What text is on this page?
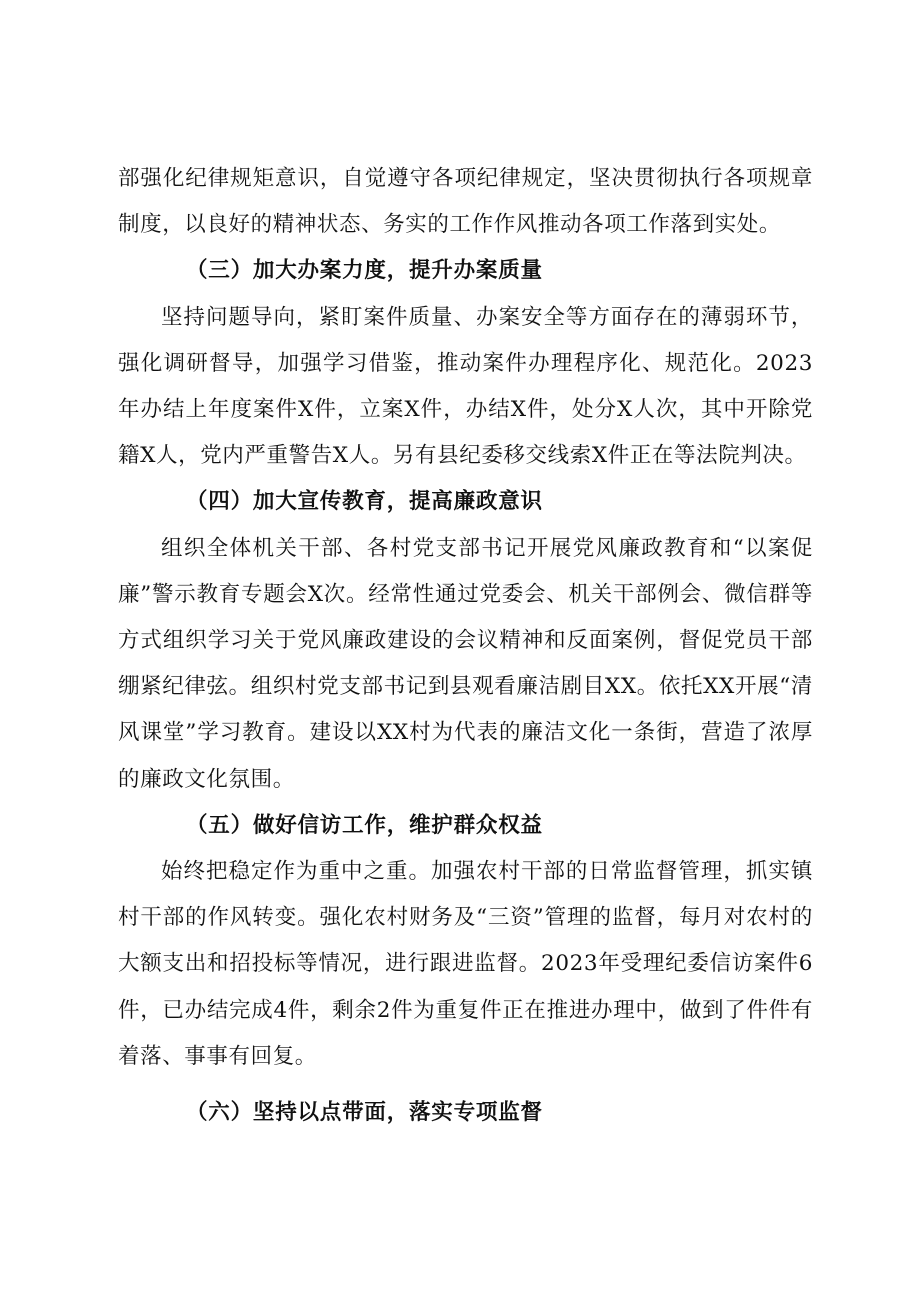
部强化纪律规矩意识，自觉遵守各项纪律规定，坚决贯彻执行各项规章制度，以良好的精神状态、务实的工作作风推动各项工作落到实处。

（三）加大办案力度，提升办案质量

坚持问题导向，紧盯案件质量、办案安全等方面存在的薄弱环节，强化调研督导，加强学习借鉴，推动案件办理程序化、规范化。2023年办结上年度案件X件，立案X件，办结X件，处分X人次，其中开除党籍X人，党内严重警告X人。另有县纪委移交线索X件正在等法院判决。

（四）加大宣传教育，提高廉政意识

组织全体机关干部、各村党支部书记开展党风廉政教育和“以案促廉”警示教育专题会X次。经常性通过党委会、机关干部例会、微信群等方式组织学习关于党风廉政建设的会议精神和反面案例，督促党员干部绷紧纪律弦。组织村党支部书记到县观看廉洁剧目XX。依托XX开展“清风课堂”学习教育。建设以XX村为代表的廉洁文化一条街，营造了浓厚的廉政文化氛围。

（五）做好信访工作，维护群众权益

始终把稳定作为重中之重。加强农村干部的日常监督管理，抓实镇村干部的作风转变。强化农村财务及“三资”管理的监督，每月对农村的大额支出和招投标等情况，进行跟进监督。2023年受理纪委信访案件6件，已办结完成4件，剩余2件为重复件正在推进办理中，做到了件件有着落、事事有回复。

（六）坚持以点带面，落实专项监督
